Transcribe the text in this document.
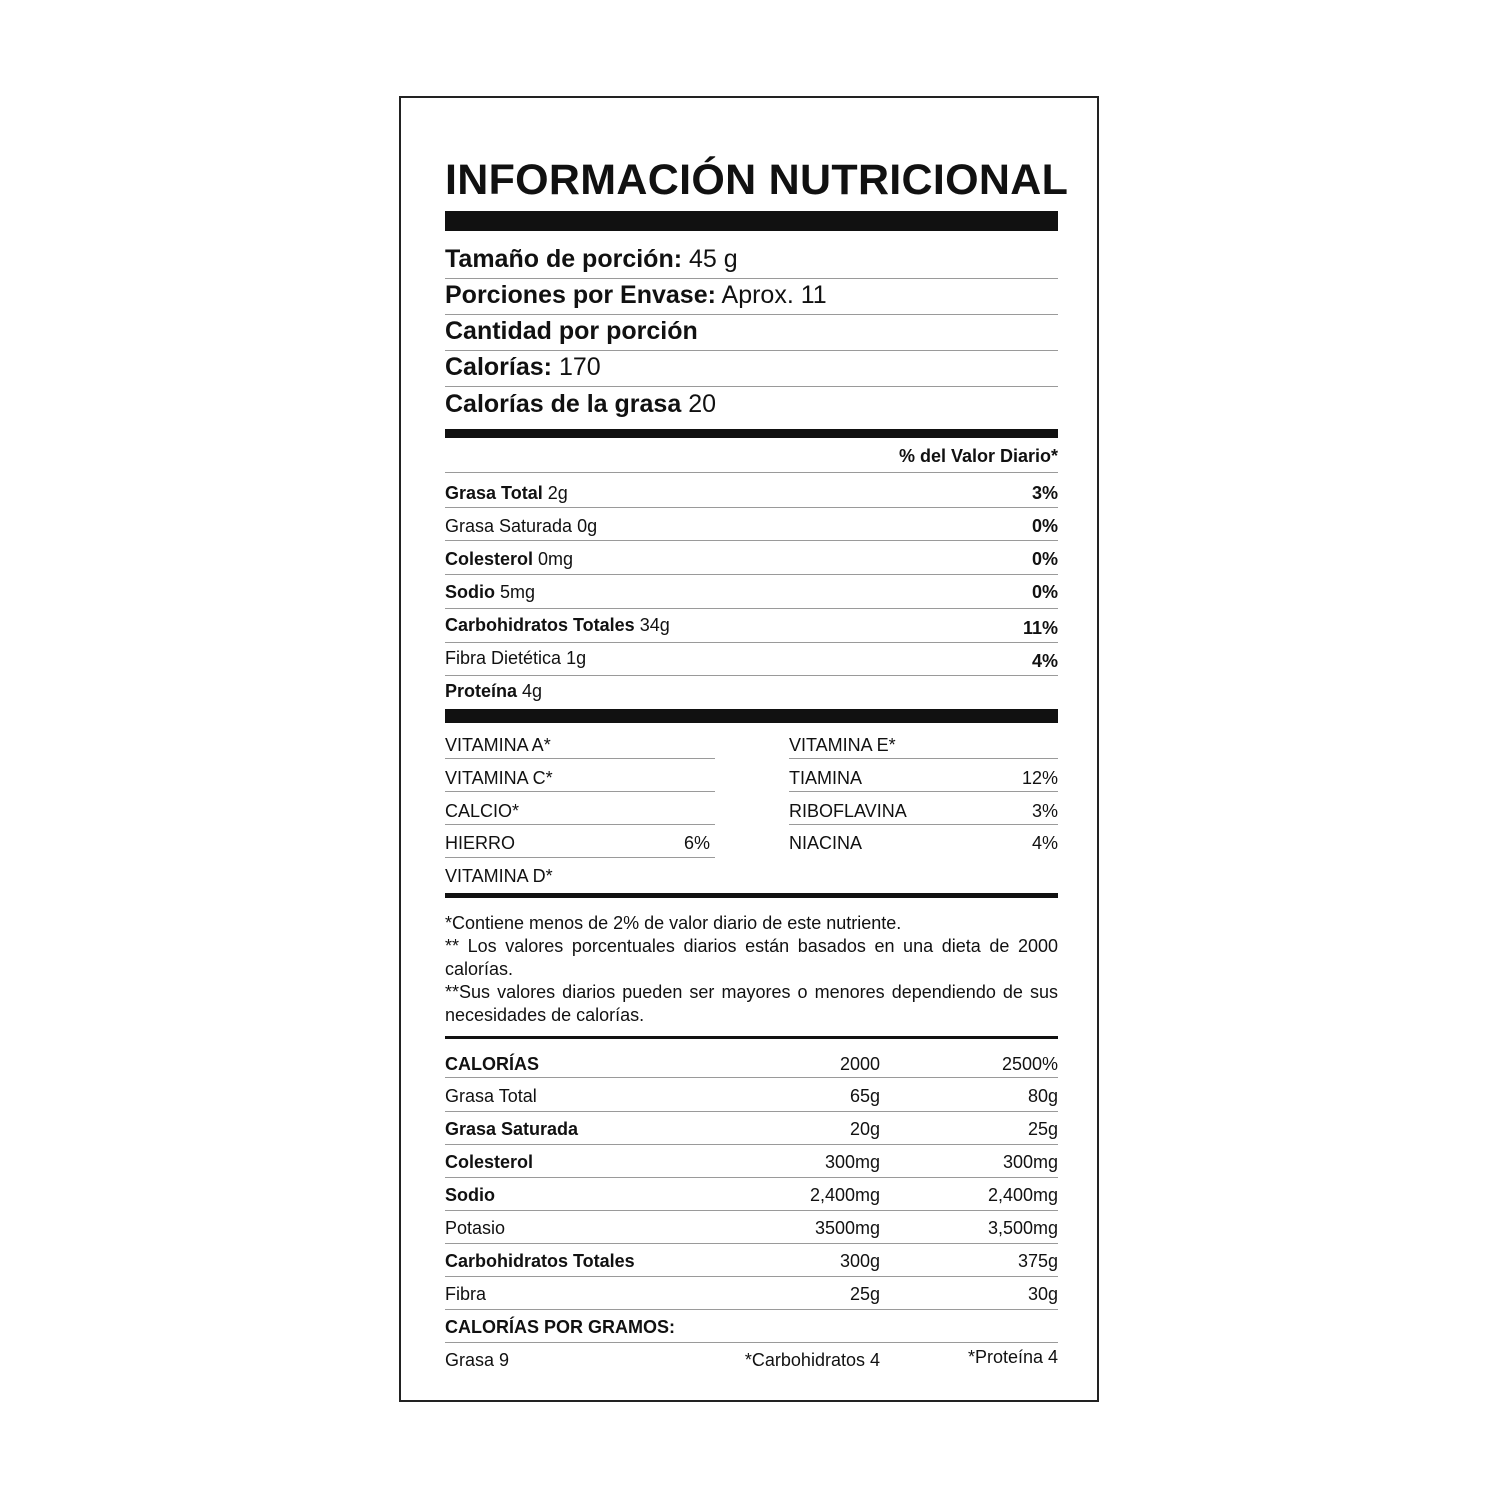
INFORMACIÓN NUTRICIONAL
Tamaño de porción: 45 g
Porciones por Envase: Aprox. 11
Cantidad por porción
Calorías: 170
Calorías de la grasa 20
% del Valor Diario*
Grasa Total 2g	3%
Grasa Saturada 0g	0%
Colesterol 0mg	0%
Sodio 5mg	0%
Carbohidratos Totales 34g	11%
Fibra Dietética 1g	4%
Proteína 4g
VITAMINA A*	VITAMINA E*
VITAMINA C*	TIAMINA	12%
CALCIO*	RIBOFLAVINA	3%
HIERRO	6%	NIACINA	4%
VITAMINA D*
*Contiene menos de 2% de valor diario de este nutriente.
** Los valores porcentuales diarios están basados en una dieta de 2000 calorías.
**Sus valores diarios pueden ser mayores o menores dependiendo de sus necesidades de calorías.
CALORÍAS	2000	2500%
Grasa Total	65g	80g
Grasa Saturada	20g	25g
Colesterol	300mg	300mg
Sodio	2,400mg	2,400mg
Potasio	3500mg	3,500mg
Carbohidratos Totales	300g	375g
Fibra	25g	30g
CALORÍAS POR GRAMOS:
Grasa 9	*Carbohidratos 4	*Proteína 4
